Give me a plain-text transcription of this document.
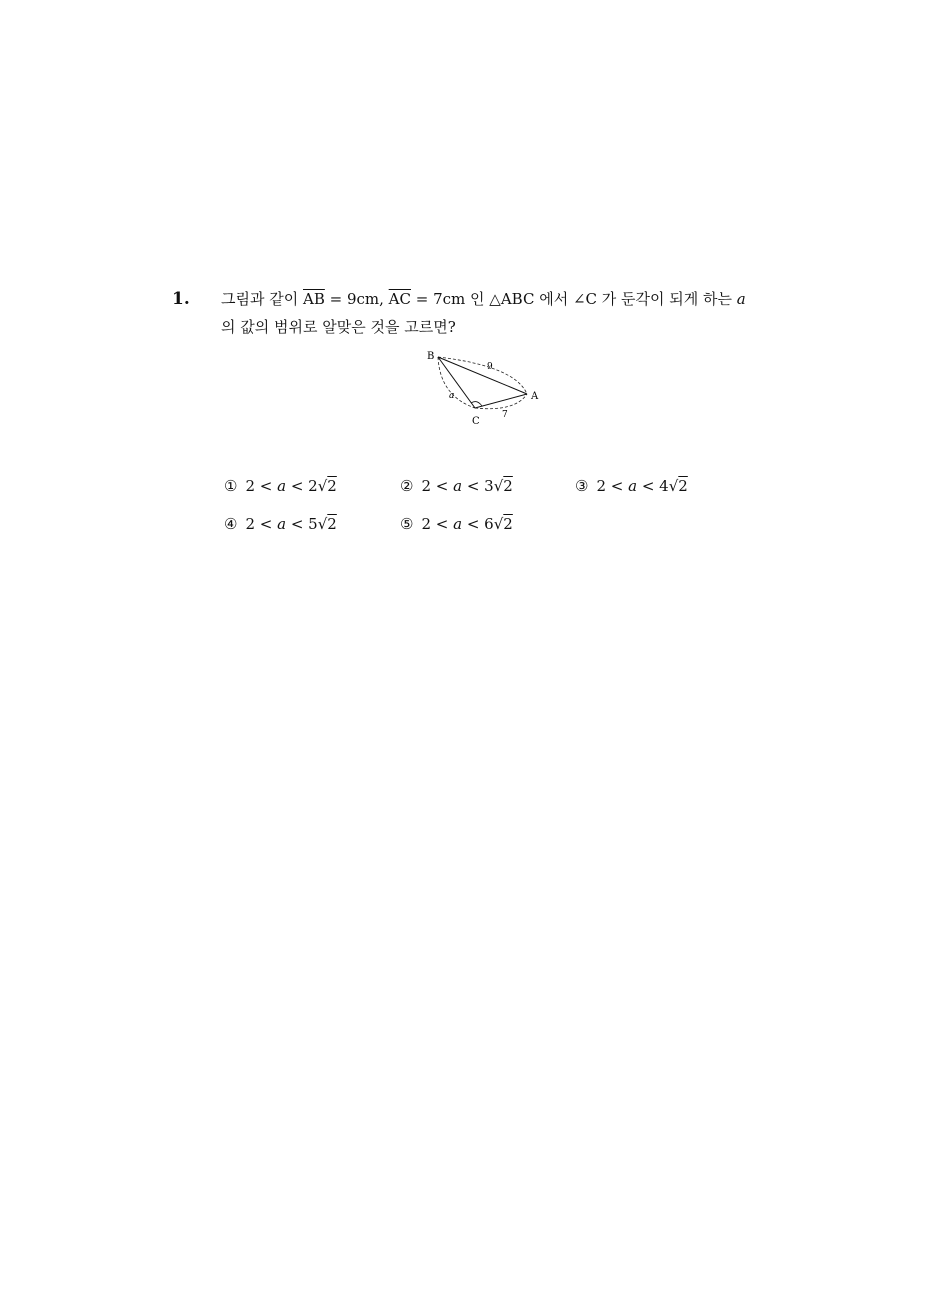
1. 그림과 같이 $\overline{AB} = 9cm$, $\overline{AC} = 7cm$ 인 △ABC 에서 ∠C 가 둔각이 되게 하는 a
의 값의 범위로 알맞은 것을 고르면?
B
A
C
9
7
a
① 2 < a < 2√2	② 2 < a < 3√2	③ 2 < a < 4√2
④ 2 < a < 5√2	⑤ 2 < a < 6√2
